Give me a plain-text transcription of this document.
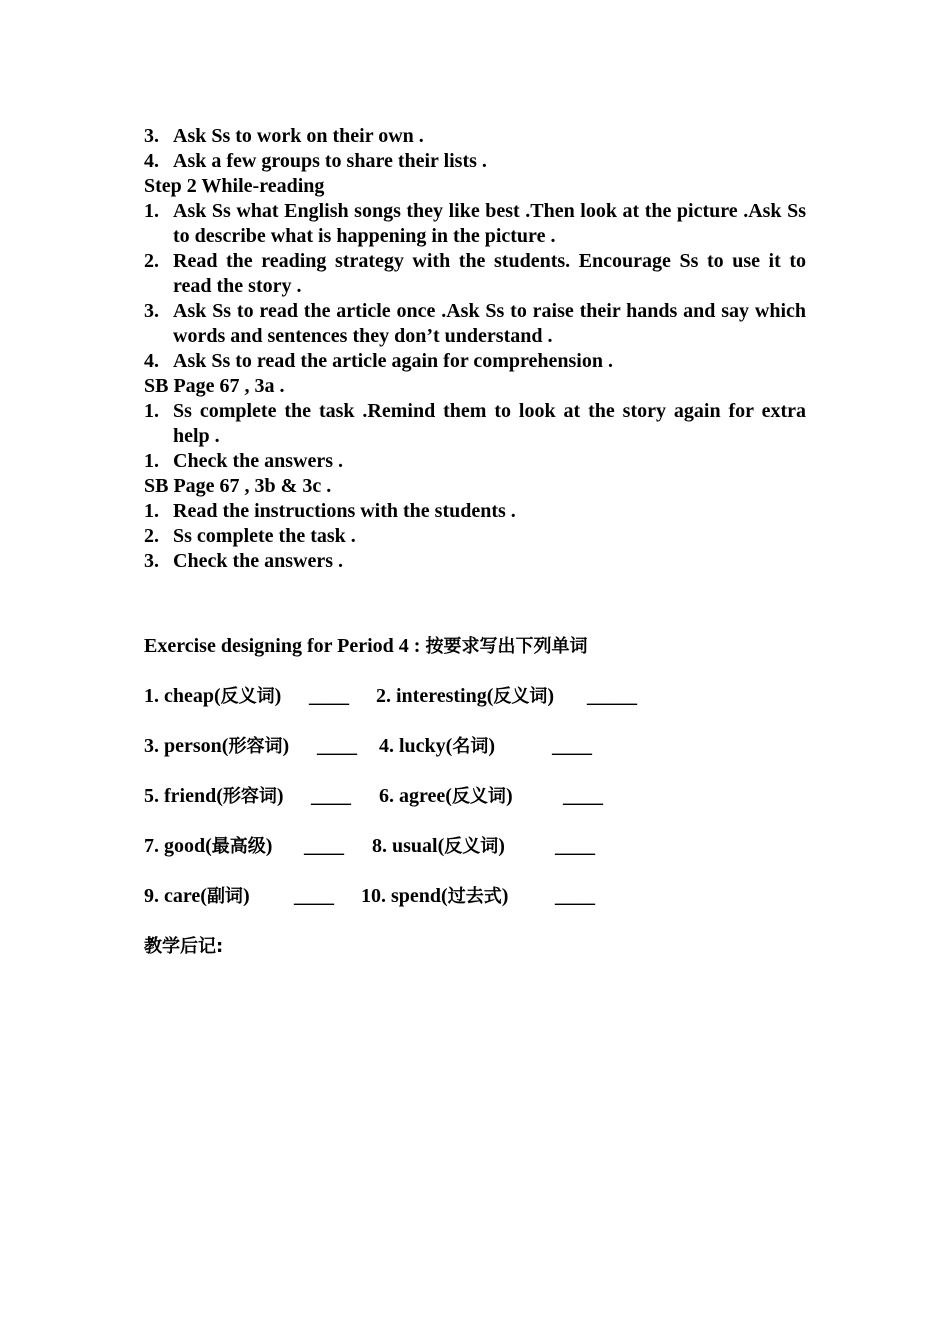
3. Ask Ss to work on their own .
4. Ask a few groups to share their lists .
Step 2 While-reading
1. Ask Ss what English songs they like best .Then look at the picture .Ask Ss to describe what is happening in the picture .
2. Read the reading strategy with the students. Encourage Ss to use it to read the story .
3. Ask Ss to read the article once .Ask Ss to raise their hands and say which words and sentences they don’t understand .
4. Ask Ss to read the article again for comprehension .
SB Page 67 , 3a .
1. Ss complete the task .Remind them to look at the story again for extra help .
1. Check the answers .
SB Page 67 , 3b & 3c .
1. Read the instructions with the students .
2. Ss complete the task .
3. Check the answers .
Exercise designing for Period 4 : 按要求写出下列单词
1. cheap(反义词) ____ 2. interesting(反义词) _____
3. person(形容词) ____ 4. lucky(名词)	____
5. friend(形容词) ____ 6. agree(反义词)	____
7. good(最高级) ____ 8. usual(反义词)	____
9. care(副词) ____ 10. spend(过去式) ____
教学后记:
